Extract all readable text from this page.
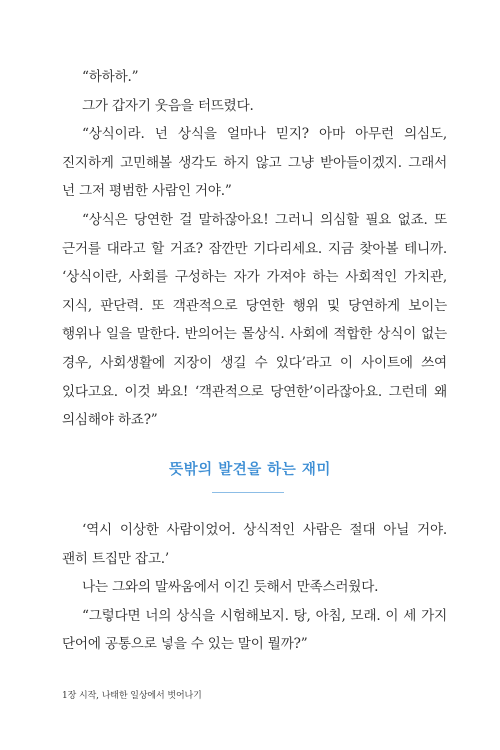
“하하하.”

그가 갑자기 웃음을 터뜨렸다.

“상식이라. 넌 상식을 얼마나 믿지? 아마 아무런 의심도, 진지하게 고민해볼 생각도 하지 않고 그냥 받아들이겠지. 그래서 넌 그저 평범한 사람인 거야.”

“상식은 당연한 걸 말하잖아요! 그러니 의심할 필요 없죠. 또 근거를 대라고 할 거죠? 잠깐만 기다리세요. 지금 찾아볼 테니까. ‘상식이란, 사회를 구성하는 자가 가져야 하는 사회적인 가치관, 지식, 판단력. 또 객관적으로 당연한 행위 및 당연하게 보이는 행위나 일을 말한다. 반의어는 몰상식. 사회에 적합한 상식이 없는 경우, 사회생활에 지장이 생길 수 있다’라고 이 사이트에 쓰여 있다고요. 이것 봐요! ‘객관적으로 당연한’이라잖아요. 그런데 왜 의심해야 하죠?”

뜻밖의 발견을 하는 재미

‘역시 이상한 사람이었어. 상식적인 사람은 절대 아닐 거야. 괜히 트집만 잡고.’

나는 그와의 말싸움에서 이긴 듯해서 만족스러웠다.

“그렇다면 너의 상식을 시험해보지. 탕, 아침, 모래. 이 세 가지 단어에 공통으로 넣을 수 있는 말이 뭘까?”

1장 시작, 나태한 일상에서 벗어나기
